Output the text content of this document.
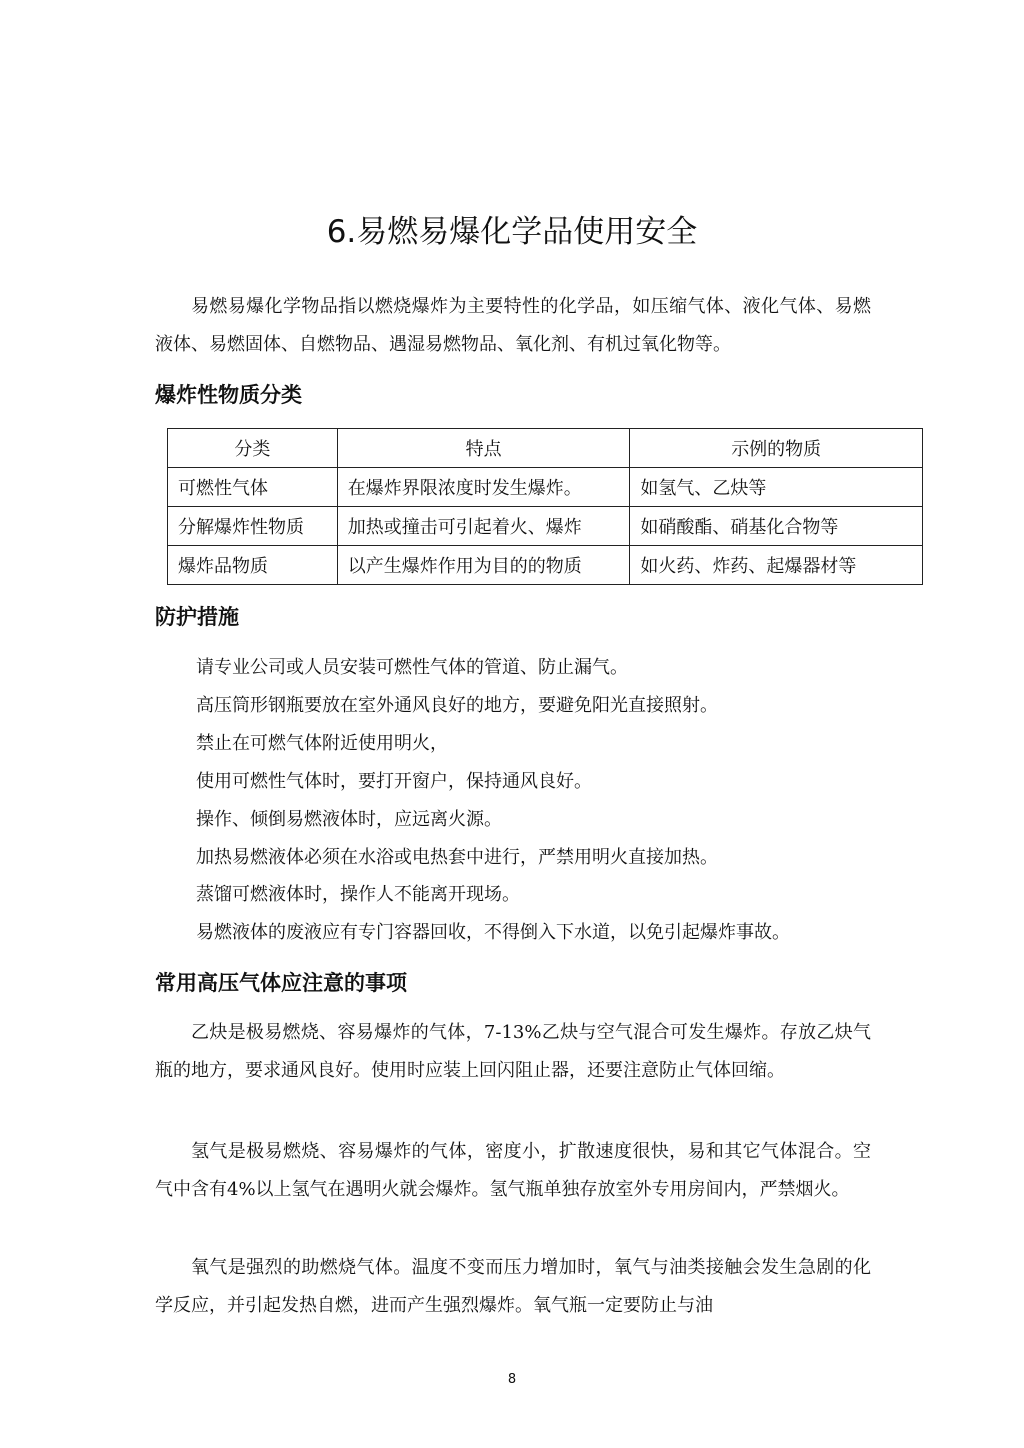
6.易燃易爆化学品使用安全

易燃易爆化学物品指以燃烧爆炸为主要特性的化学品，如压缩气体、液化气体、易燃液体、易燃固体、自燃物品、遇湿易燃物品、氧化剂、有机过氧化物等。

爆炸性物质分类
分类	特点	示例的物质
可燃性气体	在爆炸界限浓度时发生爆炸。	如氢气、乙炔等
分解爆炸性物质	加热或撞击可引起着火、爆炸	如硝酸酯、硝基化合物等
爆炸品物质	以产生爆炸作用为目的的物质	如火药、炸药、起爆器材等
防护措施

请专业公司或人员安装可燃性气体的管道、防止漏气。

高压筒形钢瓶要放在室外通风良好的地方，要避免阳光直接照射。

禁止在可燃气体附近使用明火，

使用可燃性气体时，要打开窗户，保持通风良好。

操作、倾倒易燃液体时，应远离火源。

加热易燃液体必须在水浴或电热套中进行，严禁用明火直接加热。

蒸馏可燃液体时，操作人不能离开现场。

易燃液体的废液应有专门容器回收，不得倒入下水道，以免引起爆炸事故。

常用高压气体应注意的事项

乙炔是极易燃烧、容易爆炸的气体，7-13%乙炔与空气混合可发生爆炸。存放乙炔气瓶的地方，要求通风良好。使用时应装上回闪阻止器，还要注意防止气体回缩。

氢气是极易燃烧、容易爆炸的气体，密度小，扩散速度很快，易和其它气体混合。空气中含有4%以上氢气在遇明火就会爆炸。氢气瓶单独存放室外专用房间内，严禁烟火。

氧气是强烈的助燃烧气体。温度不变而压力增加时，氧气与油类接触会发生急剧的化学反应，并引起发热自燃，进而产生强烈爆炸。氧气瓶一定要防止与油

8
